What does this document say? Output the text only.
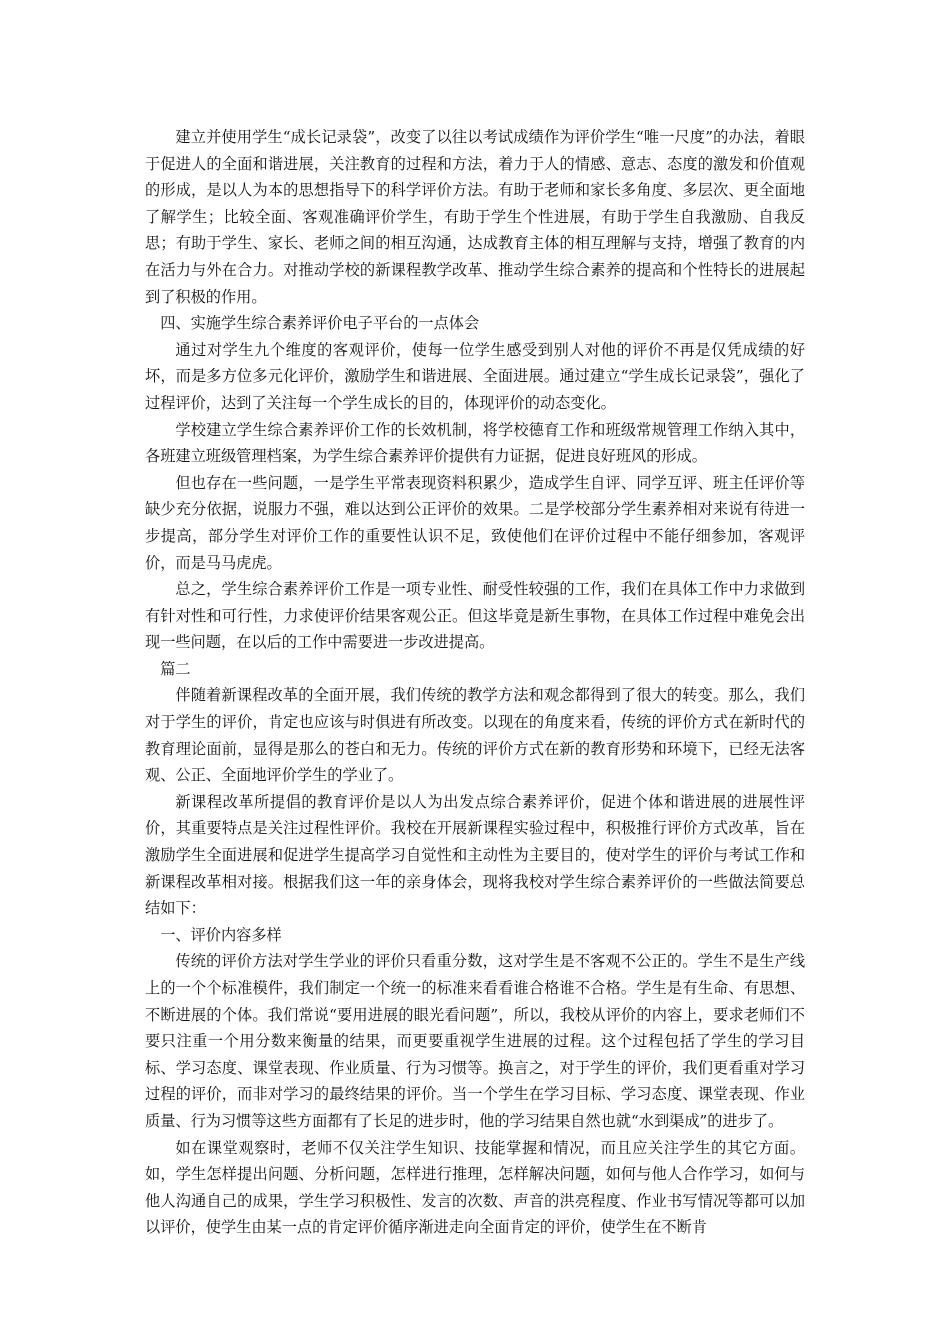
建立并使用学生“成长记录袋”，改变了以往以考试成绩作为评价学生“唯一尺度”的办法，着眼于促进人的全面和谐进展，关注教育的过程和方法，着力于人的情感、意志、态度的激发和价值观的形成，是以人为本的思想指导下的科学评价方法。有助于老师和家长多角度、多层次、更全面地了解学生；比较全面、客观准确评价学生，有助于学生个性进展，有助于学生自我激励、自我反思；有助于学生、家长、老师之间的相互沟通，达成教育主体的相互理解与支持，增强了教育的内在活力与外在合力。对推动学校的新课程教学改革、推动学生综合素养的提高和个性特长的进展起到了积极的作用。

四、实施学生综合素养评价电子平台的一点体会

通过对学生九个维度的客观评价，使每一位学生感受到别人对他的评价不再是仅凭成绩的好坏，而是多方位多元化评价，激励学生和谐进展、全面进展。通过建立“学生成长记录袋”，强化了过程评价，达到了关注每一个学生成长的目的，体现评价的动态变化。

学校建立学生综合素养评价工作的长效机制，将学校德育工作和班级常规管理工作纳入其中，各班建立班级管理档案，为学生综合素养评价提供有力证据，促进良好班风的形成。

但也存在一些问题，一是学生平常表现资料积累少，造成学生自评、同学互评、班主任评价等缺少充分依据，说服力不强，难以达到公正评价的效果。二是学校部分学生素养相对来说有待进一步提高，部分学生对评价工作的重要性认识不足，致使他们在评价过程中不能仔细参加，客观评价，而是马马虎虎。

总之，学生综合素养评价工作是一项专业性、耐受性较强的工作，我们在具体工作中力求做到有针对性和可行性，力求使评价结果客观公正。但这毕竟是新生事物，在具体工作过程中难免会出现一些问题，在以后的工作中需要进一步改进提高。

篇二

伴随着新课程改革的全面开展，我们传统的教学方法和观念都得到了很大的转变。那么，我们对于学生的评价，肯定也应该与时俱进有所改变。以现在的角度来看，传统的评价方式在新时代的教育理论面前，显得是那么的苍白和无力。传统的评价方式在新的教育形势和环境下，已经无法客观、公正、全面地评价学生的学业了。

新课程改革所提倡的教育评价是以人为出发点综合素养评价，促进个体和谐进展的进展性评价，其重要特点是关注过程性评价。我校在开展新课程实验过程中，积极推行评价方式改革，旨在激励学生全面进展和促进学生提高学习自觉性和主动性为主要目的，使对学生的评价与考试工作和新课程改革相对接。根据我们这一年的亲身体会，现将我校对学生综合素养评价的一些做法简要总结如下：

一、评价内容多样

传统的评价方法对学生学业的评价只看重分数，这对学生是不客观不公正的。学生不是生产线上的一个个标准模件，我们制定一个统一的标准来看看谁合格谁不合格。学生是有生命、有思想、不断进展的个体。我们常说“要用进展的眼光看问题”，所以，我校从评价的内容上，要求老师们不要只注重一个用分数来衡量的结果，而更要重视学生进展的过程。这个过程包括了学生的学习目标、学习态度、课堂表现、作业质量、行为习惯等。换言之，对于学生的评价，我们更看重对学习过程的评价，而非对学习的最终结果的评价。当一个学生在学习目标、学习态度、课堂表现、作业质量、行为习惯等这些方面都有了长足的进步时，他的学习结果自然也就“水到渠成”的进步了。

如在课堂观察时，老师不仅关注学生知识、技能掌握和情况，而且应关注学生的其它方面。如，学生怎样提出问题、分析问题，怎样进行推理，怎样解决问题，如何与他人合作学习，如何与他人沟通自己的成果，学生学习积极性、发言的次数、声音的洪亮程度、作业书写情况等都可以加以评价，使学生由某一点的肯定评价循序渐进走向全面肯定的评价，使学生在不断肯
